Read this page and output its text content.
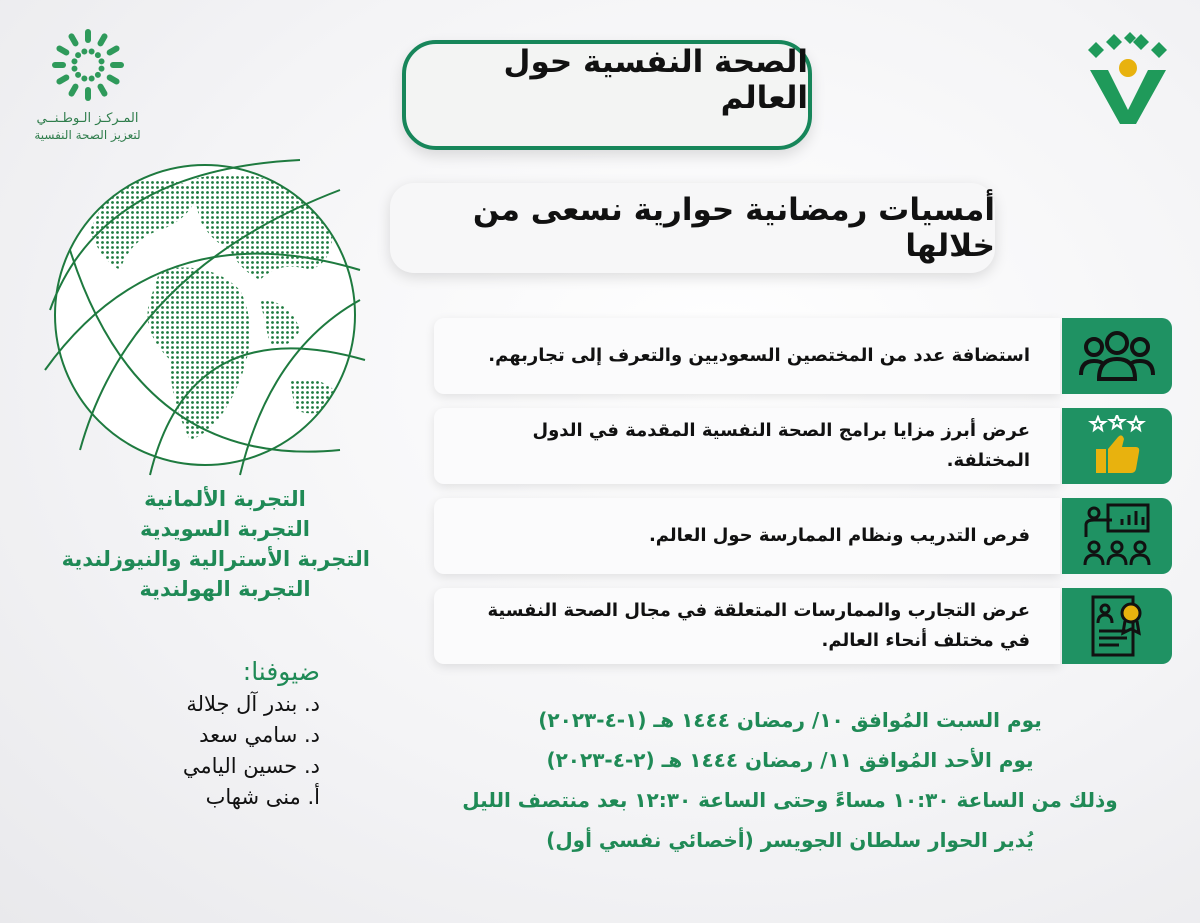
المـركـز الـوطـنــي
لتعزيز الصحة النفسية
الصحة النفسية حول العالم
أمسيات رمضانية حوارية نسعى من خلالها
استضافة عدد من المختصين السعوديين والتعرف إلى تجاربهم.
عرض أبرز مزايا برامج الصحة النفسية المقدمة في الدول المختلفة.
فرص التدريب ونظام الممارسة حول العالم.
عرض التجارب والممارسات المتعلقة في مجال الصحة النفسية في مختلف أنحاء العالم.
التجربة الألمانية
التجربة السويدية
التجربة الأسترالية والنيوزلندية
التجربة الهولندية
ضيوفنا:
د. بندر آل جلالة
د. سامي سعد
د. حسين اليامي
أ. منى شهاب
يوم السبت المُوافق ١٠/ رمضان ١٤٤٤ هـ (١-٤-٢٠٢٣)
يوم الأحد المُوافق ١١/ رمضان ١٤٤٤ هـ (٢-٤-٢٠٢٣)
وذلك من الساعة ١٠:٣٠ مساءً وحتى الساعة ١٢:٣٠ بعد منتصف الليل
يُدير الحوار سلطان الجويسر (أخصائي نفسي أول)
